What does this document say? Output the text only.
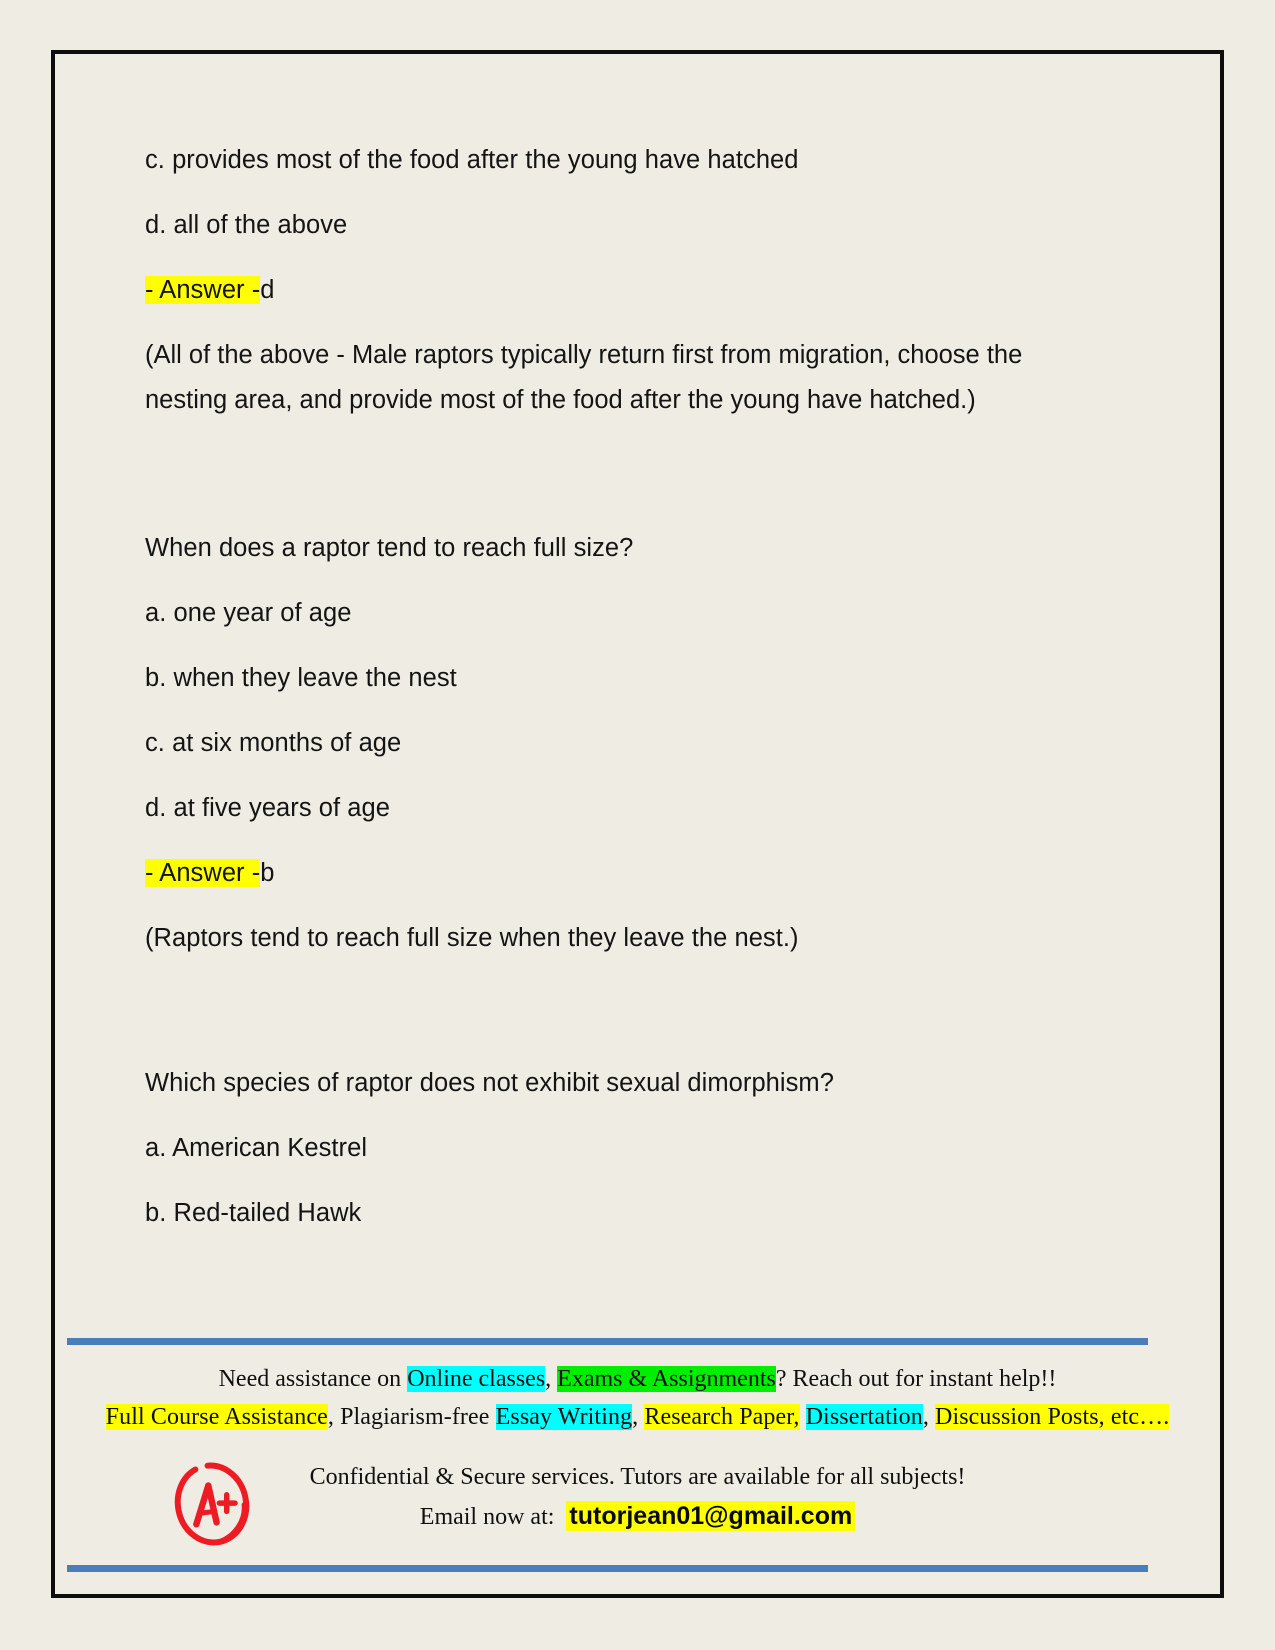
c. provides most of the food after the young have hatched

d. all of the above

- Answer -d

(All of the above - Male raptors typically return first from migration, choose the nesting area, and provide most of the food after the young have hatched.)

When does a raptor tend to reach full size?

a. one year of age

b. when they leave the nest

c. at six months of age

d. at five years of age

- Answer -b

(Raptors tend to reach full size when they leave the nest.)

Which species of raptor does not exhibit sexual dimorphism?

a. American Kestrel

b. Red-tailed Hawk

Need assistance on Online classes, Exams & Assignments? Reach out for instant help!!
Full Course Assistance, Plagiarism-free Essay Writing, Research Paper, Dissertation, Discussion Posts, etc….
Confidential & Secure services. Tutors are available for all subjects!
Email now at: tutorjean01@gmail.com
